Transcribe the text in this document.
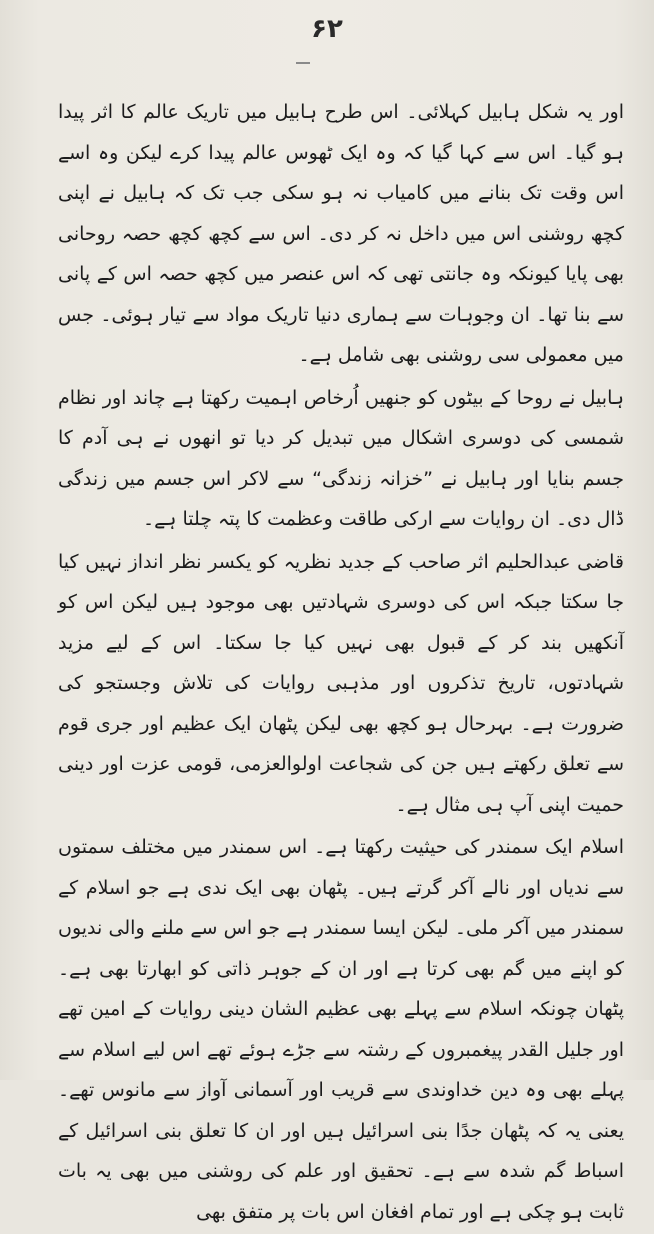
۶۲

اور یہ شکل ہابیل کہلائی۔ اس طرح ہابیل میں تاریک عالم کا اثر پیدا ہو گیا۔ اس سے کہا گیا کہ وہ ایک ٹھوس عالم پیدا کرے لیکن وہ اسے اس وقت تک بنانے میں کامیاب نہ ہو سکی جب تک کہ ہابیل نے اپنی کچھ روشنی اس میں داخل نہ کر دی۔ اس سے کچھ کچھ حصہ روحانی بھی پایا کیونکہ وہ جانتی تھی کہ اس عنصر میں کچھ حصہ اس کے پانی سے بنا تھا۔ ان وجوہات سے ہماری دنیا تاریک مواد سے تیار ہوئی۔ جس میں معمولی سی روشنی بھی شامل ہے۔

ہابیل نے روحا کے بیٹوں کو جنھیں اُرخاص اہمیت رکھتا ہے چاند اور نظام شمسی کی دوسری اشکال میں تبدیل کر دیا تو انھوں نے ہی آدم کا جسم بنایا اور ہابیل نے ”خزانہ زندگی“ سے لاکر اس جسم میں زندگی ڈال دی۔ ان روایات سے ارکی طاقت وعظمت کا پتہ چلتا ہے۔

قاضی عبدالحلیم اثر صاحب کے جدید نظریہ کو یکسر نظر انداز نہیں کیا جا سکتا جبکہ اس کی دوسری شہادتیں بھی موجود ہیں لیکن اس کو آنکھیں بند کر کے قبول بھی نہیں کیا جا سکتا۔ اس کے لیے مزید شہادتوں، تاریخ تذکروں اور مذہبی روایات کی تلاش وجستجو کی ضرورت ہے۔ بہرحال ہو کچھ بھی لیکن پٹھان ایک عظیم اور جری قوم سے تعلق رکھتے ہیں جن کی شجاعت اولوالعزمی، قومی عزت اور دینی حمیت اپنی آپ ہی مثال ہے۔

اسلام ایک سمندر کی حیثیت رکھتا ہے۔ اس سمندر میں مختلف سمتوں سے ندیاں اور نالے آکر گرتے ہیں۔ پٹھان بھی ایک ندی ہے جو اسلام کے سمندر میں آکر ملی۔ لیکن ایسا سمندر ہے جو اس سے ملنے والی ندیوں کو اپنے میں گم بھی کرتا ہے اور ان کے جوہر ذاتی کو ابھارتا بھی ہے۔ پٹھان چونکہ اسلام سے پہلے بھی عظیم الشان دینی روایات کے امین تھے اور جلیل القدر پیغمبروں کے رشتہ سے جڑے ہوئے تھے اس لیے اسلام سے پہلے بھی وہ دین خداوندی سے قریب اور آسمانی آواز سے مانوس تھے۔ یعنی یہ کہ پٹھان جدًا بنی اسرائیل ہیں اور ان کا تعلق بنی اسرائیل کے اسباط گم شدہ سے ہے۔ تحقیق اور علم کی روشنی میں بھی یہ بات ثابت ہو چکی ہے اور تمام افغان اس بات پر متفق بھی
